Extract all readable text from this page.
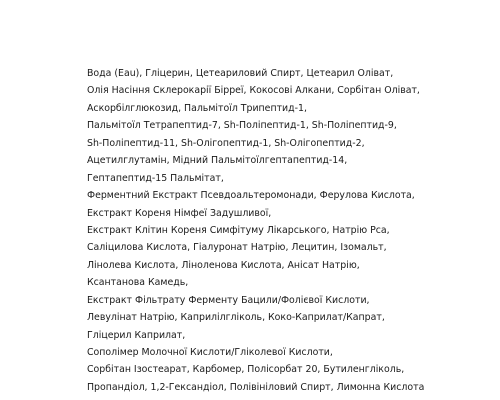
Вода (Eau), Гліцерин, Цетеариловий Спирт, Цетеарил Оліват,
Олія Насіння Склерокарії Бірреї, Кокосові Алкани, Сорбітан Оліват,
Аскорбілглюкозид, Пальмітоїл Трипептид-1,
Пальмітоїл Тетрапептид-7, Sh-Поліпептид-1, Sh-Поліпептид-9,
Sh-Поліпептид-11, Sh-Олігопептид-1, Sh-Олігопептид-2,
Ацетилглутамін, Мідний Пальмітоїлгептапептид-14,
Гептапептид-15 Пальмітат,
Ферментний Екстракт Псевдоальтеромонади, Ферулова Кислота,
Екстракт Кореня Німфеї Задушливої,
Екстракт Клітин Кореня Симфітуму Лікарського, Натрію Pca,
Саліцилова Кислота, Гіалуронат Натрію, Лецитин, Ізомальт,
Лінолева Кислота, Ліноленова Кислота, Анісат Натрію,
Ксантанова Камедь,
Екстракт Фільтрату Ферменту Бацили/Фолієвої Кислоти,
Левулінат Натрію, Каприлілгліколь, Коко-Каприлат/Капрат,
Гліцерил Каприлат,
Сополімер Молочної Кислоти/Гліколевої Кислоти,
Сорбітан Ізостеарат, Карбомер, Полісорбат 20, Бутиленгліколь,
Пропандіол, 1,2-Гександіол, Полівініловий Спирт, Лимонна Кислота
